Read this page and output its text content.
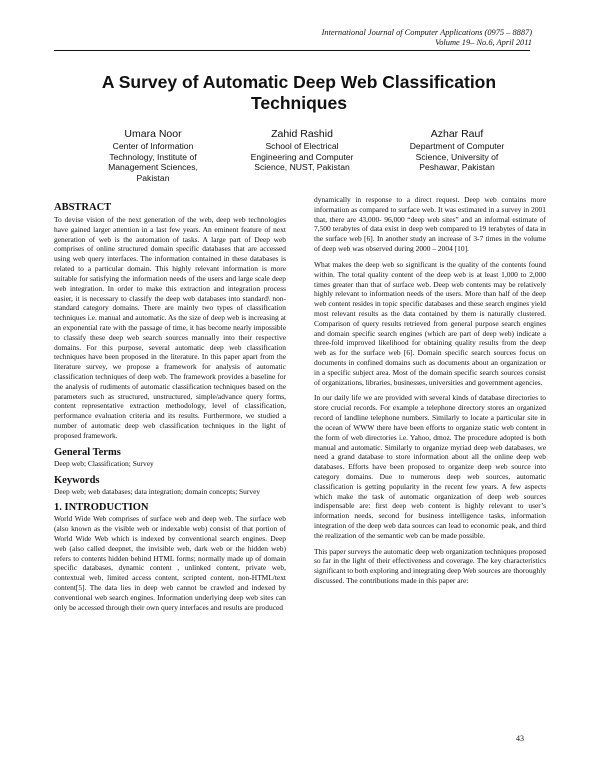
International Journal of Computer Applications (0975 – 8887)
Volume 19– No.6, April 2011
A Survey of Automatic Deep Web Classification
Techniques
Umara Noor
Center of Information
Technology, Institute of
Management Sciences,
Pakistan
Zahid Rashid
School of Electrical
Engineering and Computer
Science, NUST, Pakistan
Azhar Rauf
Department of Computer
Science, University of
Peshawar, Pakistan
ABSTRACT

To devise vision of the next generation of the web, deep web technologies have gained larger attention in a last few years. An eminent feature of next generation of web is the automation of tasks. A large part of Deep web comprises of online structured domain specific databases that are accessed using web query interfaces. The information contained in these databases is related to a particular domain. This highly relevant information is more suitable for satisfying the information needs of the users and large scale deep web integration. In order to make this extraction and integration process easier, it is necessary to classify the deep web databases into standard\ non-standard category domains. There are mainly two types of classification techniques i.e. manual and automatic. As the size of deep web is increasing at an exponential rate with the passage of time, it has become nearly impossible to classify these deep web search sources manually into their respective domains. For this purpose, several automatic deep web classification techniques have been proposed in the literature. In this paper apart from the literature survey, we propose a framework for analysis of automatic classification techniques of deep web. The framework provides a baseline for the analysis of rudiments of automatic classification techniques based on the parameters such as structured, unstructured, simple/advance query forms, content representative extraction methodology, level of classification, performance evaluation criteria and its results. Furthermore, we studied a number of automatic deep web classification techniques in the light of proposed framework.

General Terms

Deep web; Classification; Survey

Keywords

Deep web; web databases; data integration; domain concepts; Survey

1. INTRODUCTION

World Wide Web comprises of surface web and deep web. The surface web (also known as the visible web or indexable web) consist of that portion of World Wide Web which is indexed by conventional search engines. Deep web (also called deepnet, the invisible web, dark web or the hidden web) refers to contents hidden behind HTML forms; normally made up of domain specific databases, dynamic content , unlinked content, private web, contextual web, limited access content, scripted content, non-HTML/text content[5]. The data lies in deep web cannot be crawled and indexed by conventional web search engines. Information underlying deep web sites can only be accessed through their own query interfaces and results are produced

dynamically in response to a direct request. Deep web contains more information as compared to surface web. It was estimated in a survey in 2001 that, there are 43,000- 96,000 “deep web sites” and an informal estimate of 7,500 terabytes of data exist in deep web compared to 19 terabytes of data in the surface web [6]. In another study an increase of 3-7 times in the volume of deep web was observed during 2000 – 2004 [10].

What makes the deep web so significant is the quality of the contents found within. The total quality content of the deep web is at least 1,000 to 2,000 times greater than that of surface web. Deep web contents may be relatively highly relevant to information needs of the users. More than half of the deep web content resides in topic specific databases and these search engines yield most relevant results as the data contained by them is naturally clustered. Comparison of query results retrieved from general purpose search engines and domain specific search engines (which are part of deep web) indicate a three-fold improved likelihood for obtaining quality results from the deep web as for the surface web [6]. Domain specific search sources focus on documents in confined domains such as documents about an organization or in a specific subject area. Most of the domain specific search sources consist of organizations, libraries, businesses, universities and government agencies.

In our daily life we are provided with several kinds of database directories to store crucial records. For example a telephone directory stores an organized record of landline telephone numbers. Similarly to locate a particular site in the ocean of WWW there have been efforts to organize static web content in the form of web directories i.e. Yahoo, dmoz. The procedure adopted is both manual and automatic. Similarly to organize myriad deep web databases, we need a grand database to store information about all the online deep web databases. Efforts have been proposed to organize deep web source into category domains. Due to numerous deep web sources, automatic classification is getting popularity in the recent few years. A few aspects which make the task of automatic organization of deep web sources indispensable are: first deep web content is highly relevant to user’s information needs, second for business intelligence tasks, information integration of the deep web data sources can lead to economic peak, and third the realization of the semantic web can be made possible.

This paper surveys the automatic deep web organization techniques proposed so far in the light of their effectiveness and coverage. The key characteristics significant to both exploring and integrating deep Web sources are thoroughly discussed. The contributions made in this paper are:

43
